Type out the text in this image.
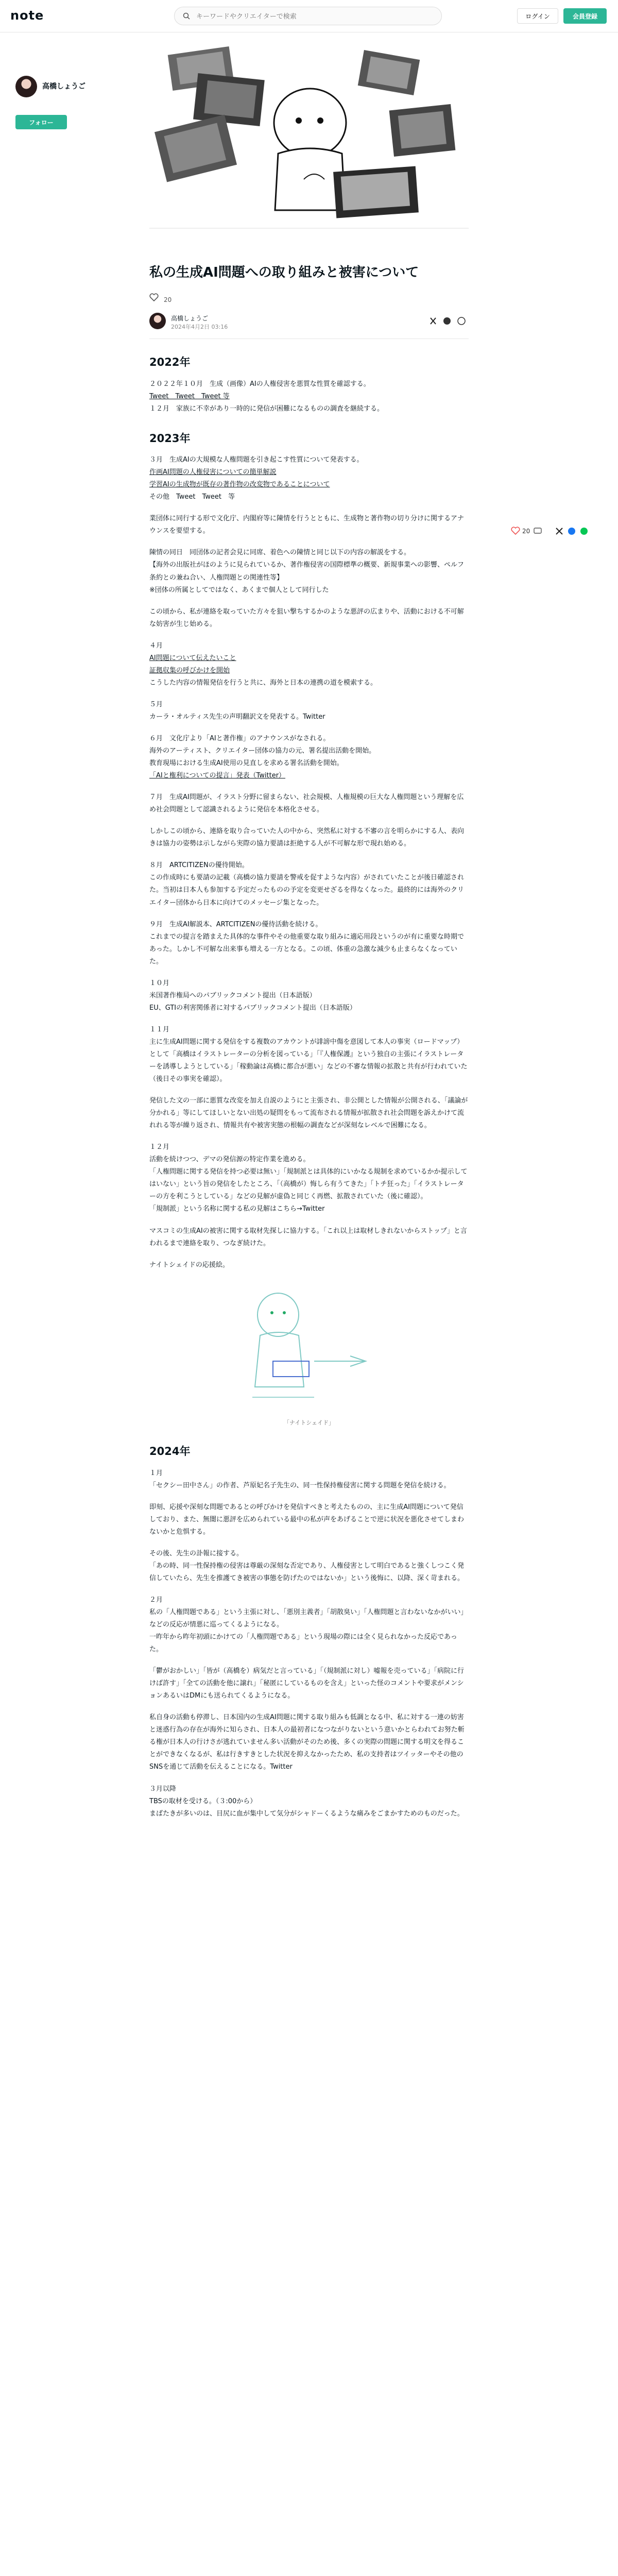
note
キーワードやクリエイターで検索	ログイン	会員登録
高橋しょうご
フォロー
20
私の生成AI問題への取り組みと被害について
20
高橋しょうご
2024年4月2日 03:16
2022年

２０２２年１０月　生成（画像）AIの人権侵害を悪質な性質を確認する。
Tweet　Tweet　Tweet 等
１２月　家族に不幸があり一時的に発信が困難になるものの調査を継続する。

2023年

３月　生成AIの大規模な人権問題を引き起こす性質について発表する。
作画AI問題の人権侵害についての簡単解説
学習AIの生成物が既存の著作物の改変物であることについて
その他　Tweet　Tweet　等

業団体に同行する形で文化庁、内閣府等に陳情を行うとともに、生成物と著作物の切り分けに関するアナウンスを要望する。

陳情の同日　同団体の記者会見に同席、着色への陳情と同じ以下の内容の解説をする。
【海外の出版社がほのように見られているか、著作権侵害の国際標準の概要、新規事業への影響、ペルフ条約との兼ね合い、人権問題との関連性等】
※団体の所属としてではなく、あくまで個人として同行した

この頃から、私が連絡を取っていた方々を狙い撃ちするかのような悪評の広まりや、活動における不可解な妨害が生じ始める。

４月
AI問題について伝えたいこと
証拠収集の呼びかけを開始
こうした内容の情報発信を行うと共に、海外と日本の連携の道を模索する。

５月
カーラ・オルティス先生の声明翻訳文を発表する。Twitter

６月　文化庁より「AIと著作権」のアナウンスがなされる。
海外のアーティスト、クリエイター団体の協力の元、署名提出活動を開始。
教育現場における生成AI使用の見直しを求める署名活動を開始。
「AIと権利についての提言」発表（Twitter）

７月　生成AI問題が、イラスト分野に留まらない、社会規模、人権規模の巨大な人権問題という理解を広め社会問題として認識されるように発信を本格化させる。

しかしこの頃から、連絡を取り合っていた人の中から、突然私に対する不審の言を明らかにする人、表向きは協力の姿勢は示しながら実際の協力要請は拒絶する人が不可解な形で現れ始める。

８月　ARTCITIZENの優待開始。
この作成時にも要請の記載（高橋の協力要請を警戒を促すような内容）がされていたことが後日確認された。当初は日本人も参加する予定だったものの予定を変更せざるを得なくなった。最終的には海外のクリエイター団体から日本に向けてのメッセージ集となった。

９月　生成AI解説本、ARTCITIZENの優待活動を続ける。
これまでの提言を踏まえた具体的な事件やその他重要な取り組みに適応用段というのが有に重要な時期であった。しかし不可解な出来事も増える一方となる。この頃、体重の急激な減少も止まらなくなっていた。

１０月
米国著作権局へのパブリックコメント提出（日本語版）
EU、GTIの利害関係者に対するパブリックコメント提出（日本語版）

１１月
主に生成AI問題に関する発信をする複数のアカウントが誹謗中傷を意図して本人の事実（ロードマップ）として「高橋はイラストレーターの分析を図っている」「『人権保護』という独自の主張にイラストレーターを誘導しようとしている」「稼動論は高橋に都合が悪い」などの不審な情報の拡散と共有が行われていた（後日その事実を確認）。

発信した文の一部に悪質な改変を加え自説のようにと主張され、非公開とした情報が公開される、「議論が分かれる」等にしてほしいとない出処の疑問をもって流布される情報が拡散され社会問題を訴えかけて流れれる等が繰り返され、情報共有や被害実態の根幅の調査などが深刻なレベルで困難になる。

１２月
活動を続けつつ、デマの発信源の特定作業を進める。
「人権問題に関する発信を持つ必要は無い」「規制派とは具体的にいかなる規制を求めているかか提示してはいない」という旨の発信をしたところ、「（高橋が）悔しら有うてきた」「トチ狂った」「イラストレーターの方を利こうとしている」などの見解が虚偽と同じく再燃、拡散されていた（後に確認）。
「規制派」という名称に関する私の見解はこちら→Twitter

マスコミの生成AIの被害に関する取材先探しに協力する。「これ以上は取材しきれないからストップ」と言われるまで連絡を取り、つなぎ続けた。

ナイトシェイドの応援絵。

「ナイトシェイド」
2024年

１月
「セクシー田中さん」の作者、芦原妃名子先生の、同一性保持権侵害に関する問題を発信を続ける。

即刻、応援や深刻な問題であるとの呼びかけを発信すべきと考えたものの、主に生成AI問題について発信しており、また、無闇に悪評を広められている最中の私が声をあげることで逆に状況を悪化させてしまわないかと危惧する。

その後、先生の訃報に接する。
「あの時、同一性保持権の侵害は尊厳の深刻な否定であり、人権侵害として明白であると強くしつこく発信していたら、先生を推護てき被害の事態を防げたのではないか」という後悔に、以降、深く苛まれる。

２月
私の「人権問題である」という主張に対し、「悪別主義者」「胡散臭い」「人権問題と言わないなかがいい」などの反応が情悪に巡ってくるようになる。
一昨年から昨年初頭にかけての「人権問題である」という現場の際には全く見られなかった反応であった。

「鬱がおかしい」「皆が（高橋を）病気だと言っている」「（規制派に対し）嘘報を売っている」「病院に行けば許す」「全ての活動を他に譲れ」「秘匿にしているものを含え」といった怪のコメントや要求がメンションあるいはDMにも送られてくるようになる。

私自身の活動も停滞し、日本国内の生成AI問題に関する取り組みも低調となる中、私に対する一連の妨害と迷惑行為の存在が海外に知らされ、日本人の最初者になつながりないという意いかとらわれてお努た斬る権が日本人の行けさが逃れていません多い活動がそのため後、多くの実際の問題に関する明文を得ることができなくなるが、私は行きすきとした状況を抑えなかったため、私の支持者はツイッターやその他のSNSを通じて活動を伝えることになる。Twitter

３月以降
TBSの取材を受ける。（３:00から）
まばたきが多いのは、目尻に血が集中して気分がシャドーくるような痛みをごまかすためのものだった。
